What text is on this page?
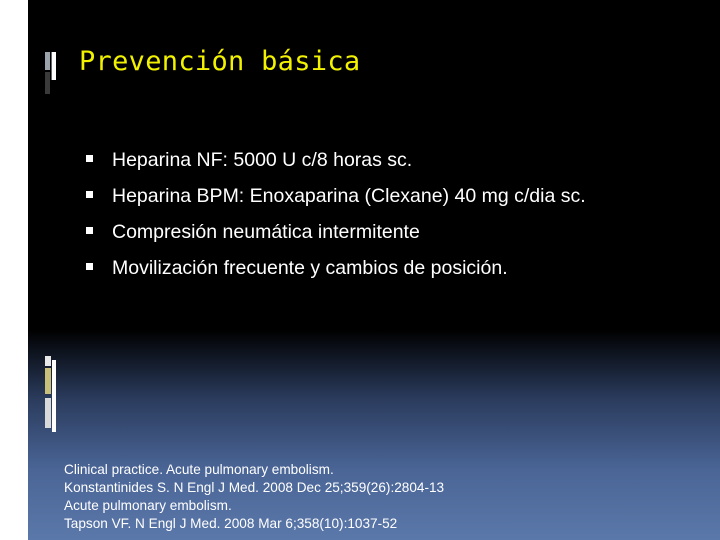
Prevención básica
Heparina NF: 5000 U c/8 horas sc.
Heparina BPM: Enoxaparina (Clexane) 40 mg c/dia sc.
Compresión neumática intermitente
Movilización frecuente y cambios de posición.
Clinical practice. Acute pulmonary embolism.
Konstantinides S. N Engl J Med. 2008 Dec 25;359(26):2804-13
Acute pulmonary embolism.
Tapson VF. N Engl J Med. 2008 Mar 6;358(10):1037-52
